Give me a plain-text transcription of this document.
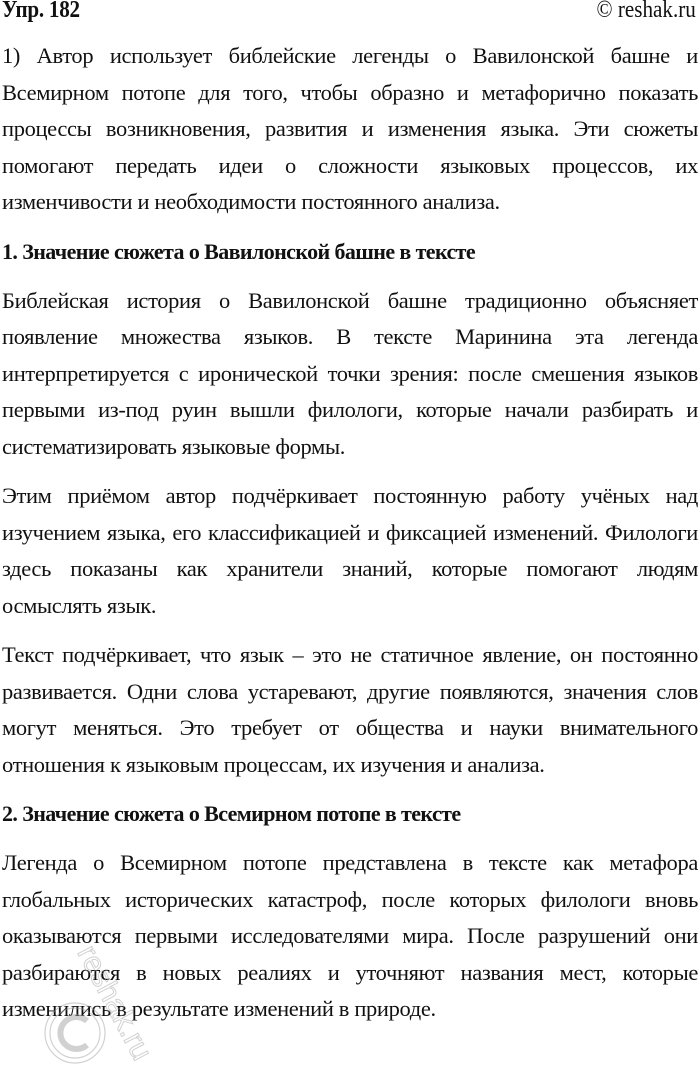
Упр. 182	© reshak.ru

1) Автор использует библейские легенды о Вавилонской башне и Всемирном потопе для того, чтобы образно и метафорично показать процессы возникновения, развития и изменения языка. Эти сюжеты помогают передать идеи о сложности языковых процессов, их изменчивости и необходимости постоянного анализа.

1. Значение сюжета о Вавилонской башне в тексте

Библейская история о Вавилонской башне традиционно объясняет появление множества языков. В тексте Маринина эта легенда интерпретируется с иронической точки зрения: после смешения языков первыми из-под руин вышли филологи, которые начали разбирать и систематизировать языковые формы.

Этим приёмом автор подчёркивает постоянную работу учёных над изучением языка, его классификацией и фиксацией изменений. Филологи здесь показаны как хранители знаний, которые помогают людям осмыслять язык.

Текст подчёркивает, что язык – это не статичное явление, он постоянно развивается. Одни слова устаревают, другие появляются, значения слов могут меняться. Это требует от общества и науки внимательного отношения к языковым процессам, их изучения и анализа.

2. Значение сюжета о Всемирном потопе в тексте

Легенда о Всемирном потопе представлена в тексте как метафора глобальных исторических катастроф, после которых филологи вновь оказываются первыми исследователями мира. После разрушений они разбираются в новых реалиях и уточняют названия мест, которые изменились в результате изменений в природе.

reshak.ru
